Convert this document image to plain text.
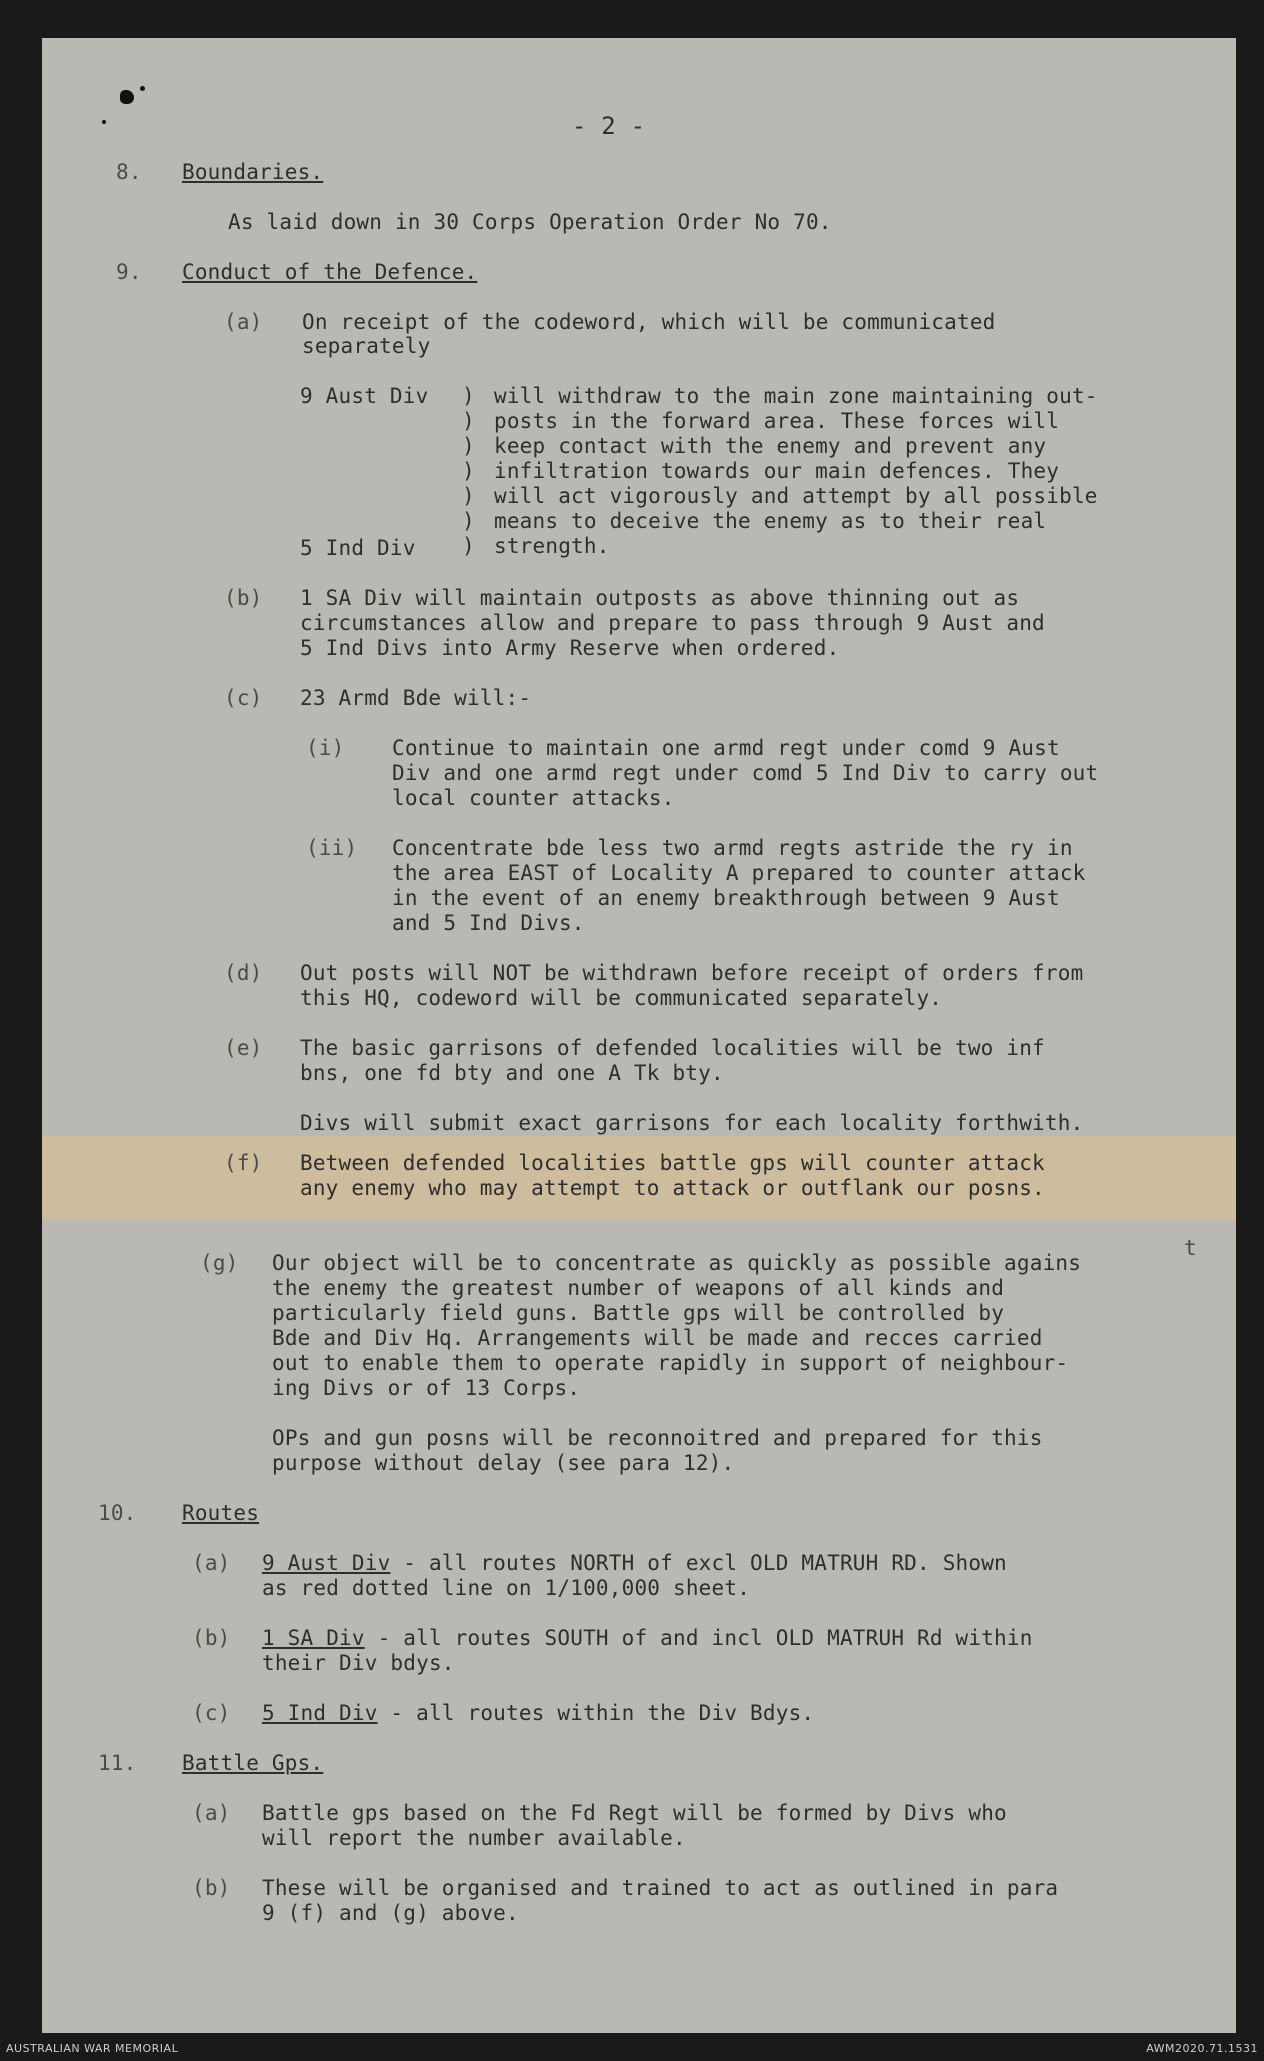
- 2 -
8. Boundaries.
As laid down in 30 Corps Operation Order No 70.
9. Conduct of the Defence.
(a) On receipt of the codeword, which will be communicated
separately
9 Aust Div
5 Ind Div
)
)
)
)
)
)
)
will withdraw to the main zone maintaining out-
posts in the forward area. These forces will
keep contact with the enemy and prevent any
infiltration towards our main defences. They
will act vigorously and attempt by all possible
means to deceive the enemy as to their real
strength.
(b) 1 SA Div will maintain outposts as above thinning out as
circumstances allow and prepare to pass through 9 Aust and
5 Ind Divs into Army Reserve when ordered.
(c) 23 Armd Bde will:-
(i) Continue to maintain one armd regt under comd 9 Aust
Div and one armd regt under comd 5 Ind Div to carry out
local counter attacks.
(ii) Concentrate bde less two armd regts astride the ry in
the area EAST of Locality A prepared to counter attack
in the event of an enemy breakthrough between 9 Aust
and 5 Ind Divs.
(d) Out posts will NOT be withdrawn before receipt of orders from
this HQ, codeword will be communicated separately.
(e) The basic garrisons of defended localities will be two inf
bns, one fd bty and one A Tk bty.
Divs will submit exact garrisons for each locality forthwith.
(f) Between defended localities battle gps will counter attack
any enemy who may attempt to attack or outflank our posns.
(g) Our object will be to concentrate as quickly as possible agains
t
the enemy the greatest number of weapons of all kinds and
particularly field guns. Battle gps will be controlled by
Bde and Div Hq. Arrangements will be made and recces carried
out to enable them to operate rapidly in support of neighbour-
ing Divs or of 13 Corps.
OPs and gun posns will be reconnoitred and prepared for this
purpose without delay (see para 12).
10. Routes
(a) 9 Aust Div - all routes NORTH of excl OLD MATRUH RD. Shown
as red dotted line on 1/100,000 sheet.
(b) 1 SA Div - all routes SOUTH of and incl OLD MATRUH Rd within
their Div bdys.
(c) 5 Ind Div - all routes within the Div Bdys.
11. Battle Gps.
(a) Battle gps based on the Fd Regt will be formed by Divs who
will report the number available.
(b) These will be organised and trained to act as outlined in para
9 (f) and (g) above.
AUSTRALIAN WAR MEMORIAL	AWM2020.71.1531
